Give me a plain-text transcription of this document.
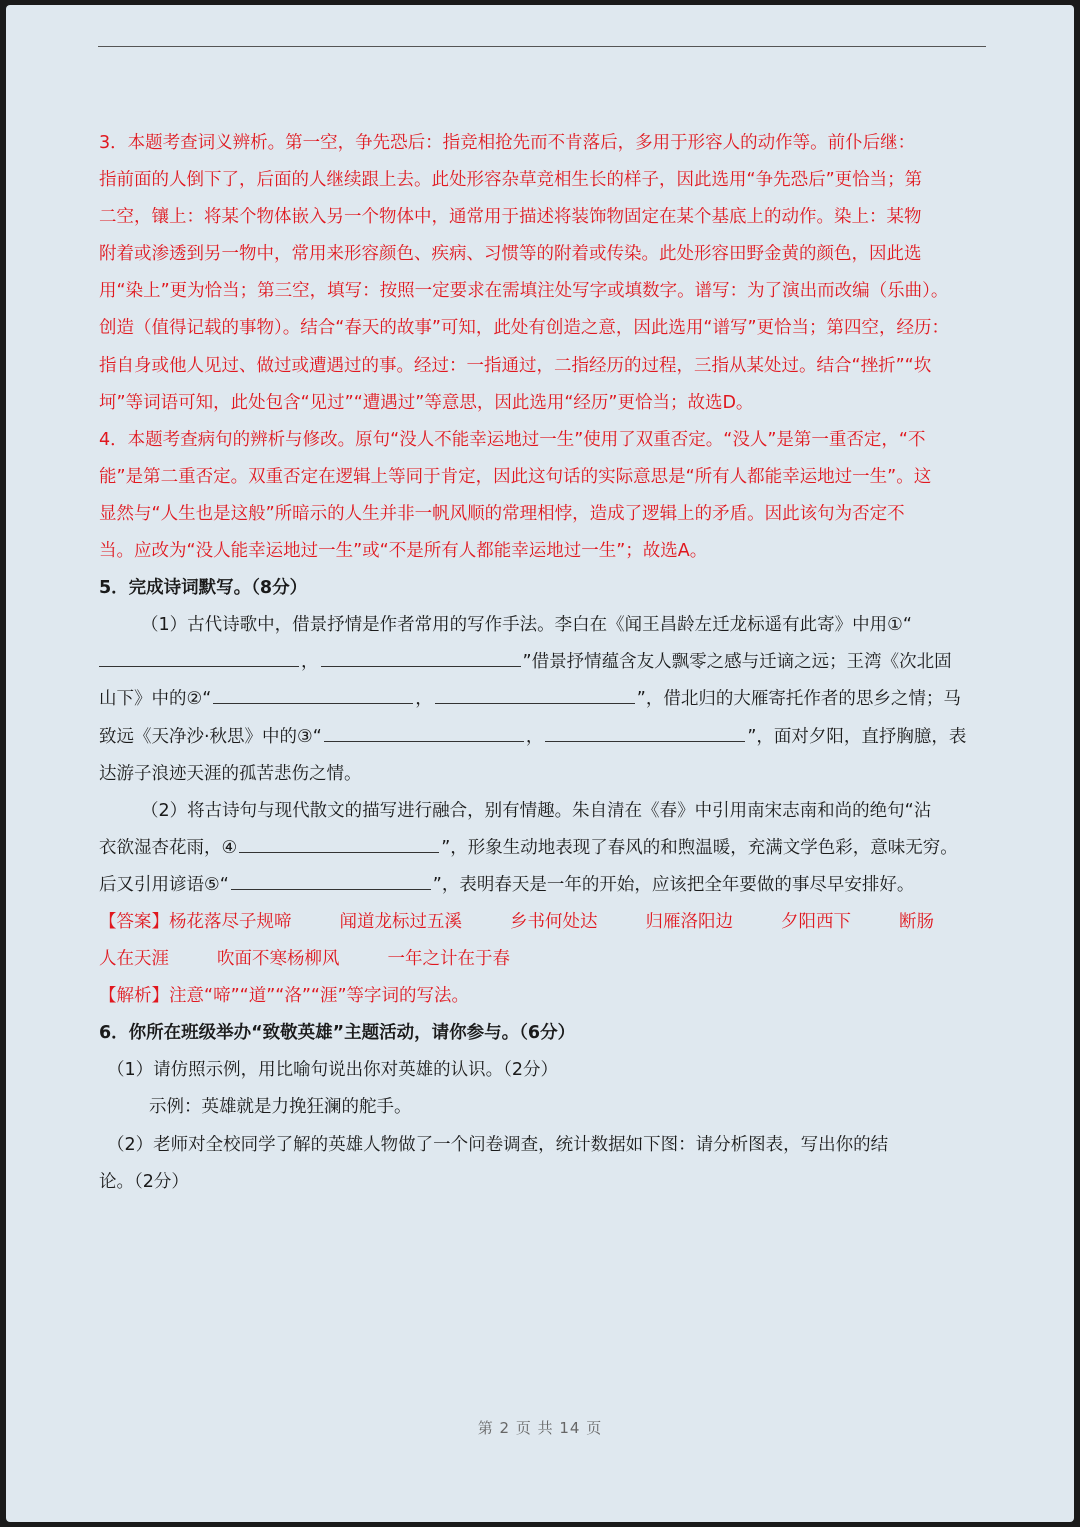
3．本题考查词义辨析。第一空，争先恐后：指竞相抢先而不肯落后，多用于形容人的动作等。前仆后继：

指前面的人倒下了，后面的人继续跟上去。此处形容杂草竞相生长的样子，因此选用“争先恐后”更恰当；第

二空，镶上：将某个物体嵌入另一个物体中，通常用于描述将装饰物固定在某个基底上的动作。染上：某物

附着或渗透到另一物中，常用来形容颜色、疾病、习惯等的附着或传染。此处形容田野金黄的颜色，因此选

用“染上”更为恰当；第三空，填写：按照一定要求在需填注处写字或填数字。谱写：为了演出而改编（乐曲）。

创造（值得记载的事物）。结合“春天的故事”可知，此处有创造之意，因此选用“谱写”更恰当；第四空，经历：

指自身或他人见过、做过或遭遇过的事。经过：一指通过，二指经历的过程，三指从某处过。结合“挫折”“坎

坷”等词语可知，此处包含“见过”“遭遇过”等意思，因此选用“经历”更恰当；故选D。

4．本题考查病句的辨析与修改。原句“没人不能幸运地过一生”使用了双重否定。“没人”是第一重否定，“不

能”是第二重否定。双重否定在逻辑上等同于肯定，因此这句话的实际意思是“所有人都能幸运地过一生”。这

显然与“人生也是这般”所暗示的人生并非一帆风顺的常理相悖，造成了逻辑上的矛盾。因此该句为否定不

当。应改为“没人能幸运地过一生”或“不是所有人都能幸运地过一生”；故选A。

5．完成诗词默写。（8分）

（1）古代诗歌中，借景抒情是作者常用的写作手法。李白在《闻王昌龄左迁龙标遥有此寄》中用①“

，	”借景抒情蕴含友人飘零之感与迁谪之远；王湾《次北固

山下》中的②“	，	”，借北归的大雁寄托作者的思乡之情；马

致远《天净沙·秋思》中的③“	，	”，面对夕阳，直抒胸臆，表

达游子浪迹天涯的孤苦悲伤之情。

（2）将古诗句与现代散文的描写进行融合，别有情趣。朱自清在《春》中引用南宋志南和尚的绝句“沾

衣欲湿杏花雨，④	”，形象生动地表现了春风的和煦温暖，充满文学色彩，意味无穷。

后又引用谚语⑤“	”，表明春天是一年的开始，应该把全年要做的事尽早安排好。

【答案】杨花落尽子规啼	闻道龙标过五溪	乡书何处达	归雁洛阳边	夕阳西下	断肠

人在天涯	吹面不寒杨柳风	一年之计在于春

【解析】注意“啼”“道”“洛”“涯”等字词的写法。

6．你所在班级举办“致敬英雄”主题活动，请你参与。（6分）

（1）请仿照示例，用比喻句说出你对英雄的认识。（2分）

示例：英雄就是力挽狂澜的舵手。

（2）老师对全校同学了解的英雄人物做了一个问卷调查，统计数据如下图：请分析图表，写出你的结

论。（2分）

第 2 页 共 14 页
